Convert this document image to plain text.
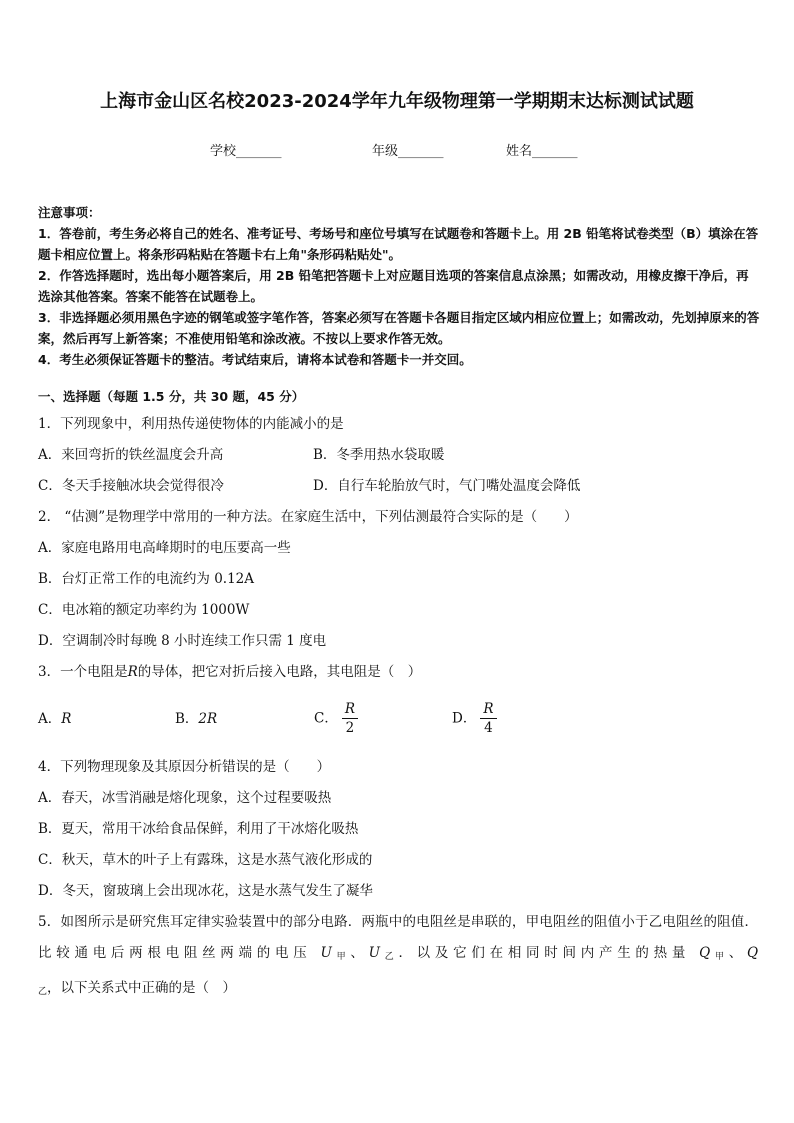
上海市金山区名校2023-2024学年九年级物理第一学期期末达标测试试题
学校_______	年级_______	姓名_______

注意事项：

1．答卷前，考生务必将自己的姓名、准考证号、考场号和座位号填写在试题卷和答题卡上。用 2B 铅笔将试卷类型（B）填涂在答题卡相应位置上。将条形码粘贴在答题卡右上角"条形码粘贴处"。

2．作答选择题时，选出每小题答案后，用 2B 铅笔把答题卡上对应题目选项的答案信息点涂黑；如需改动，用橡皮擦干净后，再选涂其他答案。答案不能答在试题卷上。

3．非选择题必须用黑色字迹的钢笔或签字笔作答，答案必须写在答题卡各题目指定区域内相应位置上；如需改动，先划掉原来的答案，然后再写上新答案；不准使用铅笔和涂改液。不按以上要求作答无效。

4．考生必须保证答题卡的整洁。考试结束后，请将本试卷和答题卡一并交回。

一、选择题（每题 1.5 分，共 30 题，45 分）
1．下列现象中，利用热传递使物体的内能减小的是
A．来回弯折的铁丝温度会升高	B．冬季用热水袋取暖
C．冬天手接触冰块会觉得很冷	D．自行车轮胎放气时，气门嘴处温度会降低
2． “估测”是物理学中常用的一种方法。在家庭生活中，下列估测最符合实际的是（　　）
A．家庭电路用电高峰期时的电压要高一些
B．台灯正常工作的电流约为 0.12A
C．电冰箱的额定功率约为 1000W
D．空调制冷时每晚 8 小时连续工作只需 1 度电
3．一个电阻是R的导体，把它对折后接入电路，其电阻是（　）
A．R	B．2R	C． $\frac{R}{2}$	D． $\frac{R}{4}$
4．下列物理现象及其原因分析错误的是（　　）
A．春天，冰雪消融是熔化现象，这个过程要吸热
B．夏天，常用干冰给食品保鲜，利用了干冰熔化吸热
C．秋天，草木的叶子上有露珠，这是水蒸气液化形成的
D．冬天，窗玻璃上会出现冰花，这是水蒸气发生了凝华
5．如图所示是研究焦耳定律实验装置中的部分电路．两瓶中的电阻丝是串联的，甲电阻丝的阻值小于乙电阻丝的阻值．比较通电后两根电阻丝两端的电压 $U_甲$、$U_乙$．以及它们在相同时间内产生的热量 $Q_甲$、$Q_乙$，以下关系式中正确的是（　）
